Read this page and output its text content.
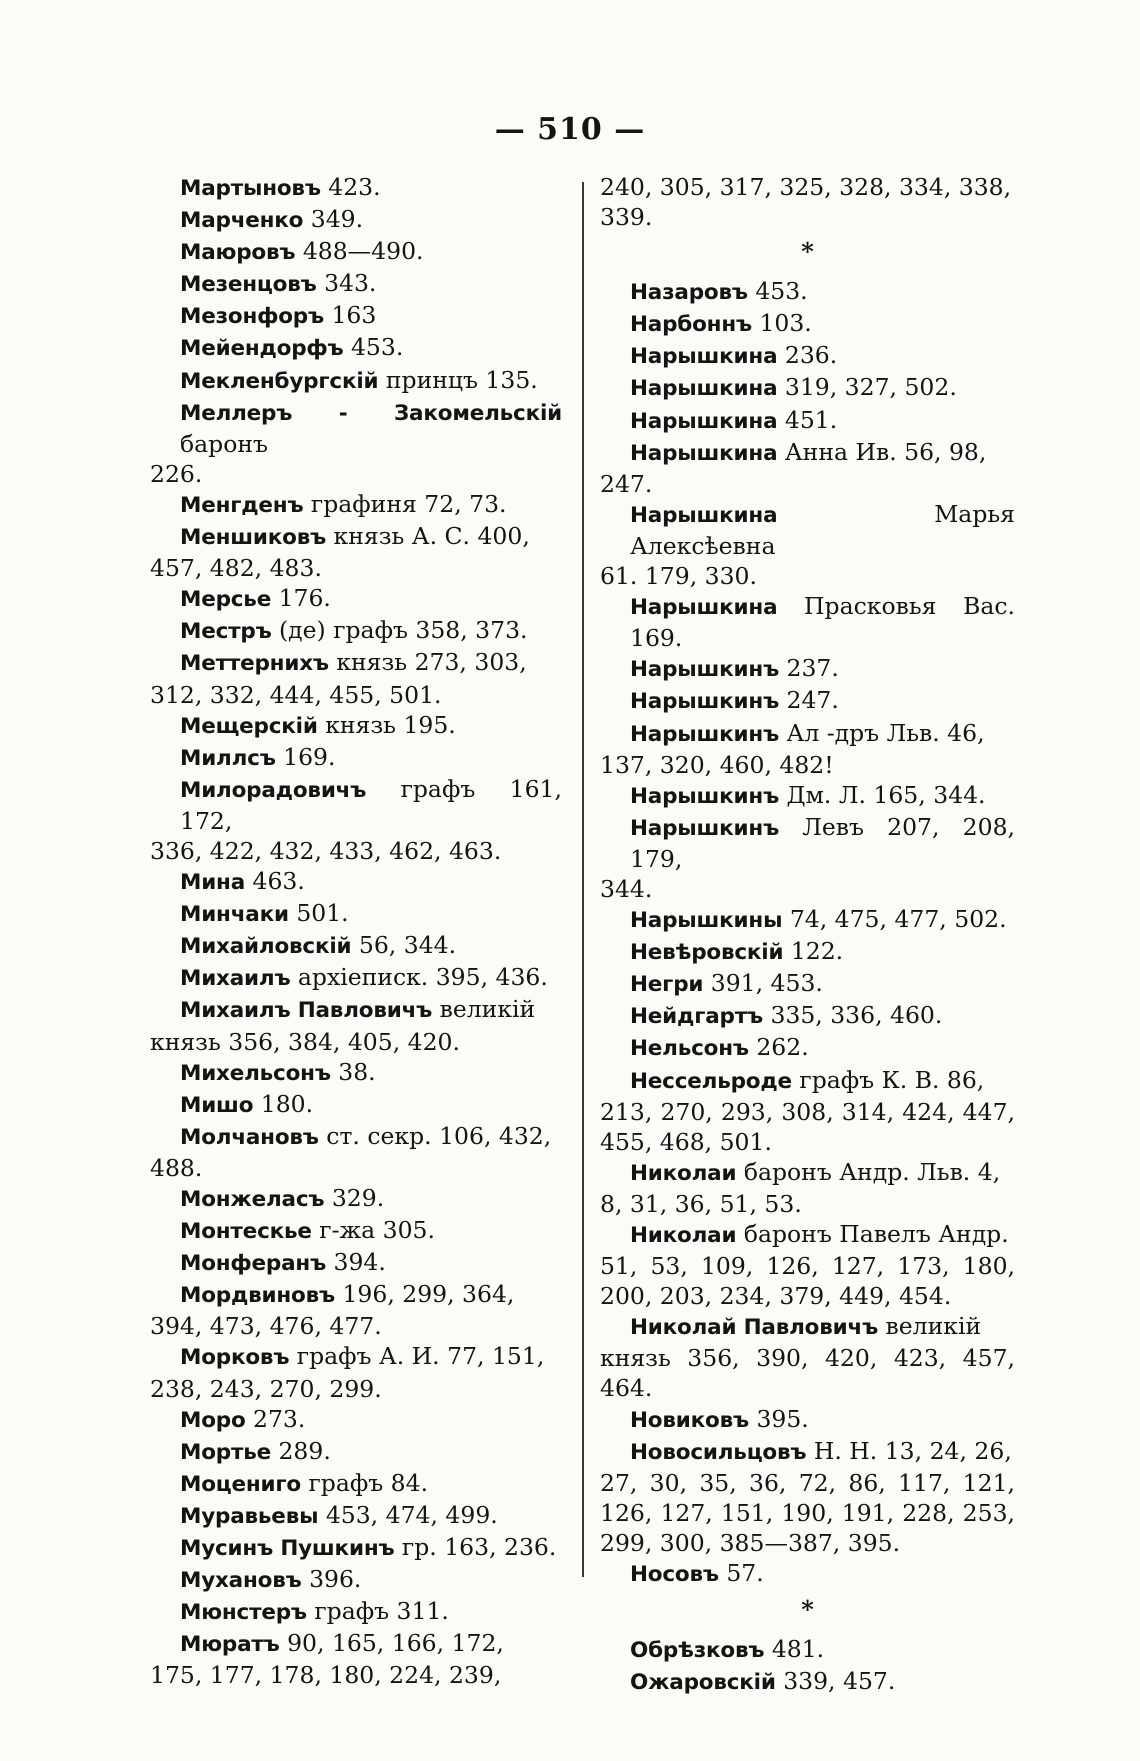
— 510 —
Мартыновъ 423.
Марченко 349.
Маюровъ 488—490.
Мезенцовъ 343.
Мезонфоръ 163
Мейендорфъ 453.
Мекленбургскій принцъ 135.
Меллеръ - Закомельскій баронъ
226.
Менгденъ графиня 72, 73.
Меншиковъ князь А. С. 400,
457, 482, 483.
Мерсье 176.
Местръ (де) графъ 358, 373.
Меттернихъ князь 273, 303,
312, 332, 444, 455, 501.
Мещерскій князь 195.
Миллсъ 169.
Милорадовичъ графъ 161, 172,
336, 422, 432, 433, 462, 463.
Мина 463.
Минчаки 501.
Михайловскій 56, 344.
Михаилъ архіеписк. 395, 436.
Михаилъ Павловичъ великій
князь 356, 384, 405, 420.
Михельсонъ 38.
Мишо 180.
Молчановъ ст. секр. 106, 432,
488.
Монжеласъ 329.
Монтескье г-жа 305.
Монферанъ 394.
Мордвиновъ 196, 299, 364,
394, 473, 476, 477.
Морковъ графъ А. И. 77, 151,
238, 243, 270, 299.
Моро 273.
Мортье 289.
Моцениго графъ 84.
Муравьевы 453, 474, 499.
Мусинъ Пушкинъ гр. 163, 236.
Мухановъ 396.
Мюнстеръ графъ 311.
Мюратъ 90, 165, 166, 172,
175, 177, 178, 180, 224, 239,
240, 305, 317, 325, 328, 334, 338, 339.
*
Назаровъ 453.
Нарбоннъ 103.
Нарышкина 236.
Нарышкина 319, 327, 502.
Нарышкина 451.
Нарышкина Анна Ив. 56, 98,
247.
Нарышкина	Марья Алексѣевна
61. 179, 330.
Нарышкина Прасковья Вас. 169.
Нарышкинъ 237.
Нарышкинъ 247.
Нарышкинъ Ал -дръ Льв. 46,
137, 320, 460, 482!
Нарышкинъ Дм. Л. 165, 344.
Нарышкинъ Левъ 207, 208, 179,
344.
Нарышкины 74, 475, 477, 502.
Невѣровскій 122.
Негри 391, 453.
Нейдгартъ 335, 336, 460.
Нельсонъ 262.
Нессельроде графъ К. В. 86,
213, 270, 293, 308, 314, 424, 447, 455, 468, 501.
Николаи баронъ Андр. Льв. 4,
8, 31, 36, 51, 53.
Николаи баронъ Павелъ Андр.
51, 53, 109, 126, 127, 173, 180, 200, 203, 234, 379, 449, 454.
Николай Павловичъ великій
князь 356, 390, 420, 423, 457, 464.
Новиковъ 395.
Новосильцовъ Н. Н. 13, 24, 26,
27, 30, 35, 36, 72, 86, 117, 121, 126, 127, 151, 190, 191, 228, 253, 299, 300, 385—387, 395.
Носовъ 57.
*
Обрѣзковъ 481.
Ожаровскій 339, 457.
